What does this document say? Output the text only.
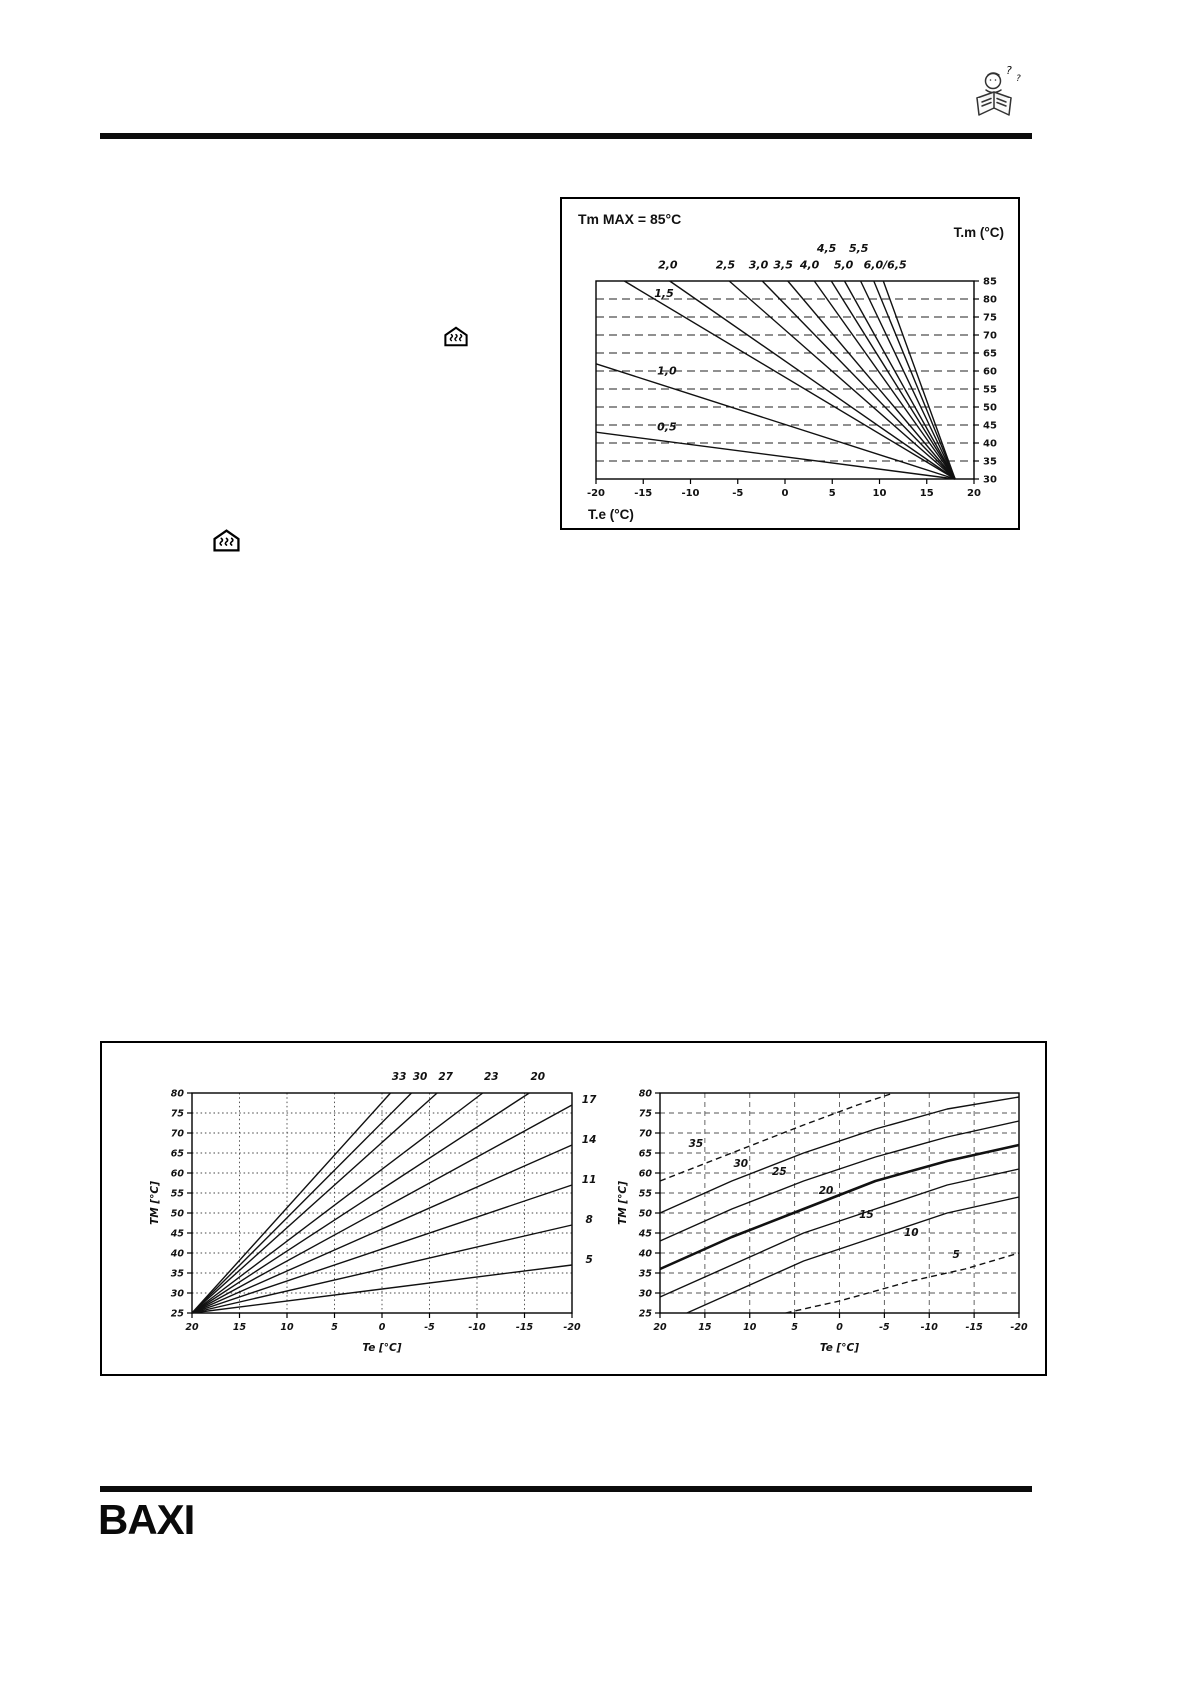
?
?
Tm MAX = 85°C
T.m (°C)
30
35
40
45
50
55
60
65
70
75
80
85
-20	-15	-10	-5	0	5	10	15	20
0,5
1,0
1,5
2,0	2,5 3,0 3,5 4,0
4,5
5,0
5,5
6,0/6,5
T.e (°C)
25
30
35
40
45
50
55
60
65
70
75
80
20	15	10	5	0	-5	-10	-15	-20
Te [°C]
TM [°C]
33 30 27	23	20
17
14
11
8
5
25
30
35
40
45
50
55
60
65
70
75
80
20	15	10	5	0	-5	-10	-15	-20
Te [°C]
TM [°C]
35
30
25
20
15
10
5
BAXI
